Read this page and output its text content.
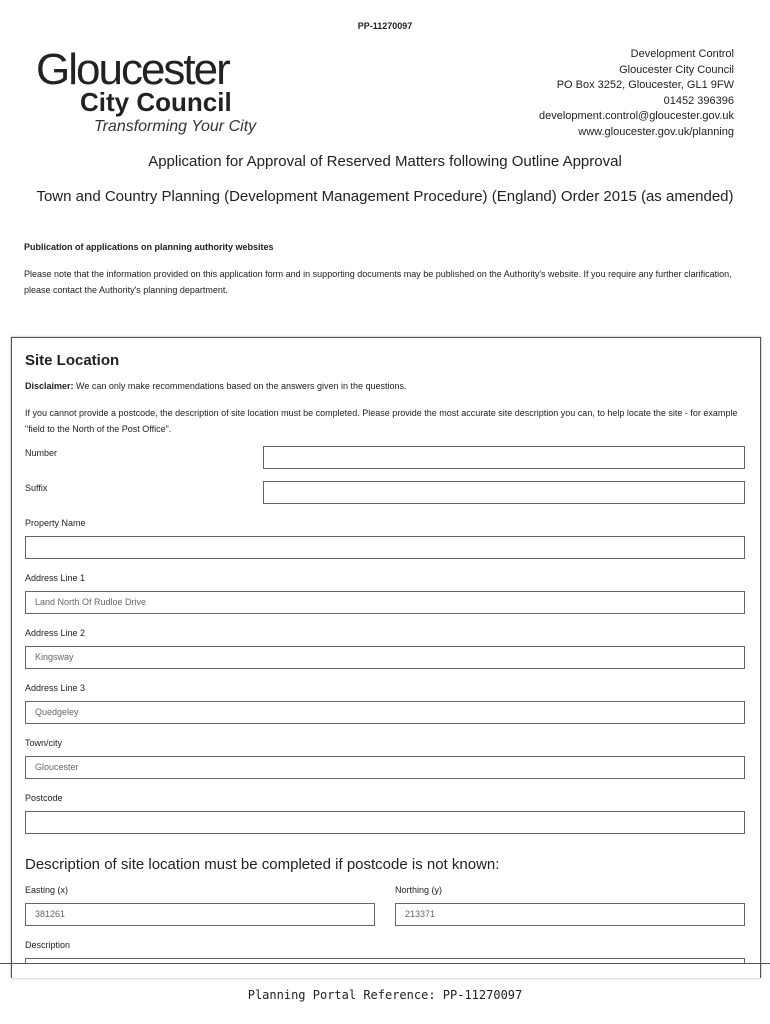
PP-11270097
Gloucester
City Council
Transforming Your City
Development Control
Gloucester City Council
PO Box 3252, Gloucester, GL1 9FW
01452 396396
development.control@gloucester.gov.uk
www.gloucester.gov.uk/planning
Application for Approval of Reserved Matters following Outline Approval
Town and Country Planning (Development Management Procedure) (England) Order 2015 (as amended)
Publication of applications on planning authority websites
Please note that the information provided on this application form and in supporting documents may be published on the Authority's website. If you require any further clarification, please contact the Authority's planning department.
Site Location
Disclaimer: We can only make recommendations based on the answers given in the questions.
If you cannot provide a postcode, the description of site location must be completed. Please provide the most accurate site description you can, to help locate the site - for example "field to the North of the Post Office".
Number
Suffix
Property Name
Address Line 1
Land North Of Rudloe Drive
Address Line 2
Kingsway
Address Line 3
Quedgeley
Town/city
Gloucester
Postcode
Description of site location must be completed if postcode is not known:
Easting (x)
381261
Northing (y)
213371
Description
Planning Portal Reference: PP-11270097
